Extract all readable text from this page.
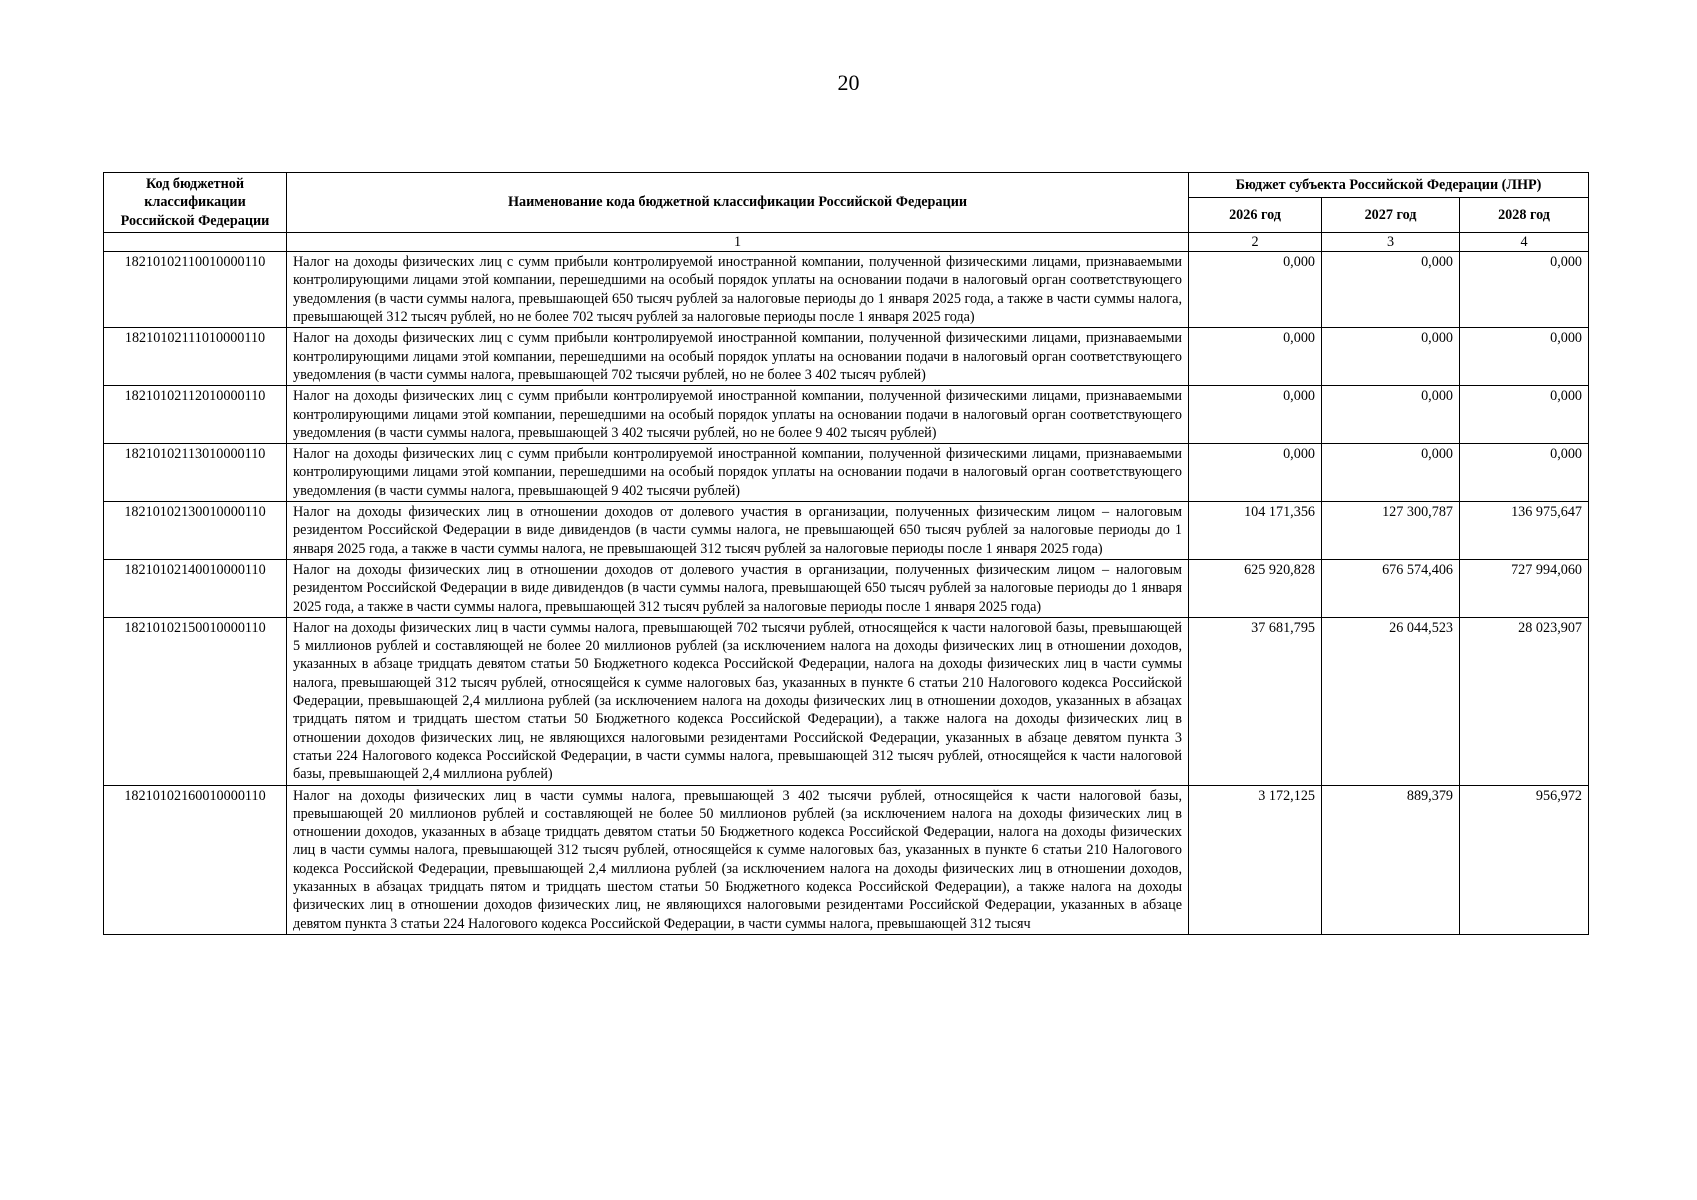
20
Код бюджетной классификации Российской Федерации	Наименование кода бюджетной классификации Российской Федерации	Бюджет субъекта Российской Федерации (ЛНР)		
		2026 год	2027 год	2028 год
	1	2	3	4
18210102110010000110	Налог на доходы физических лиц с сумм прибыли контролируемой иностранной компании, полученной физическими лицами, признаваемыми контролирующими лицами этой компании, перешедшими на особый порядок уплаты на основании подачи в налоговый орган соответствующего уведомления (в части суммы налога, превышающей 650 тысяч рублей за налоговые периоды до 1 января 2025 года, а также в части суммы налога, превышающей 312 тысяч рублей, но не более 702 тысяч рублей за налоговые периоды после 1 января 2025 года)	0,000	0,000	0,000
18210102111010000110	Налог на доходы физических лиц с сумм прибыли контролируемой иностранной компании, полученной физическими лицами, признаваемыми контролирующими лицами этой компании, перешедшими на особый порядок уплаты на основании подачи в налоговый орган соответствующего уведомления (в части суммы налога, превышающей 702 тысячи рублей, но не более 3 402 тысяч рублей)	0,000	0,000	0,000
18210102112010000110	Налог на доходы физических лиц с сумм прибыли контролируемой иностранной компании, полученной физическими лицами, признаваемыми контролирующими лицами этой компании, перешедшими на особый порядок уплаты на основании подачи в налоговый орган соответствующего уведомления (в части суммы налога, превышающей 3 402 тысячи рублей, но не более 9 402 тысяч рублей)	0,000	0,000	0,000
18210102113010000110	Налог на доходы физических лиц с сумм прибыли контролируемой иностранной компании, полученной физическими лицами, признаваемыми контролирующими лицами этой компании, перешедшими на особый порядок уплаты на основании подачи в налоговый орган соответствующего уведомления (в части суммы налога, превышающей 9 402 тысячи рублей)	0,000	0,000	0,000
18210102130010000110	Налог на доходы физических лиц в отношении доходов от долевого участия в организации, полученных физическим лицом – налоговым резидентом Российской Федерации в виде дивидендов (в части суммы налога, не превышающей 650 тысяч рублей за налоговые периоды до 1 января 2025 года, а также в части суммы налога, не превышающей 312 тысяч рублей за налоговые периоды после 1 января 2025 года)	104 171,356	127 300,787	136 975,647
18210102140010000110	Налог на доходы физических лиц в отношении доходов от долевого участия в организации, полученных физическим лицом – налоговым резидентом Российской Федерации в виде дивидендов (в части суммы налога, превышающей 650 тысяч рублей за налоговые периоды до 1 января 2025 года, а также в части суммы налога, превышающей 312 тысяч рублей за налоговые периоды после 1 января 2025 года)	625 920,828	676 574,406	727 994,060
18210102150010000110	Налог на доходы физических лиц в части суммы налога, превышающей 702 тысячи рублей, относящейся к части налоговой базы, превышающей 5 миллионов рублей и составляющей не более 20 миллионов рублей (за исключением налога на доходы физических лиц в отношении доходов, указанных в абзаце тридцать девятом статьи 50 Бюджетного кодекса Российской Федерации, налога на доходы физических лиц в части суммы налога, превышающей 312 тысяч рублей, относящейся к сумме налоговых баз, указанных в пункте 6 статьи 210 Налогового кодекса Российской Федерации, превышающей 2,4 миллиона рублей (за исключением налога на доходы физических лиц в отношении доходов, указанных в абзацах тридцать пятом и тридцать шестом статьи 50 Бюджетного кодекса Российской Федерации), а также налога на доходы физических лиц в отношении доходов физических лиц, не являющихся налоговыми резидентами Российской Федерации, указанных в абзаце девятом пункта 3 статьи 224 Налогового кодекса Российской Федерации, в части суммы налога, превышающей 312 тысяч рублей, относящейся к части налоговой базы, превышающей 2,4 миллиона рублей)	37 681,795	26 044,523	28 023,907
18210102160010000110	Налог на доходы физических лиц в части суммы налога, превышающей 3 402 тысячи рублей, относящейся к части налоговой базы, превышающей 20 миллионов рублей и составляющей не более 50 миллионов рублей (за исключением налога на доходы физических лиц в отношении доходов, указанных в абзаце тридцать девятом статьи 50 Бюджетного кодекса Российской Федерации, налога на доходы физических лиц в части суммы налога, превышающей 312 тысяч рублей, относящейся к сумме налоговых баз, указанных в пункте 6 статьи 210 Налогового кодекса Российской Федерации, превышающей 2,4 миллиона рублей (за исключением налога на доходы физических лиц в отношении доходов, указанных в абзацах тридцать пятом и тридцать шестом статьи 50 Бюджетного кодекса Российской Федерации), а также налога на доходы физических лиц в отношении доходов физических лиц, не являющихся налоговыми резидентами Российской Федерации, указанных в абзаце девятом пункта 3 статьи 224 Налогового кодекса Российской Федерации, в части суммы налога, превышающей 312 тысяч	3 172,125	889,379	956,972
